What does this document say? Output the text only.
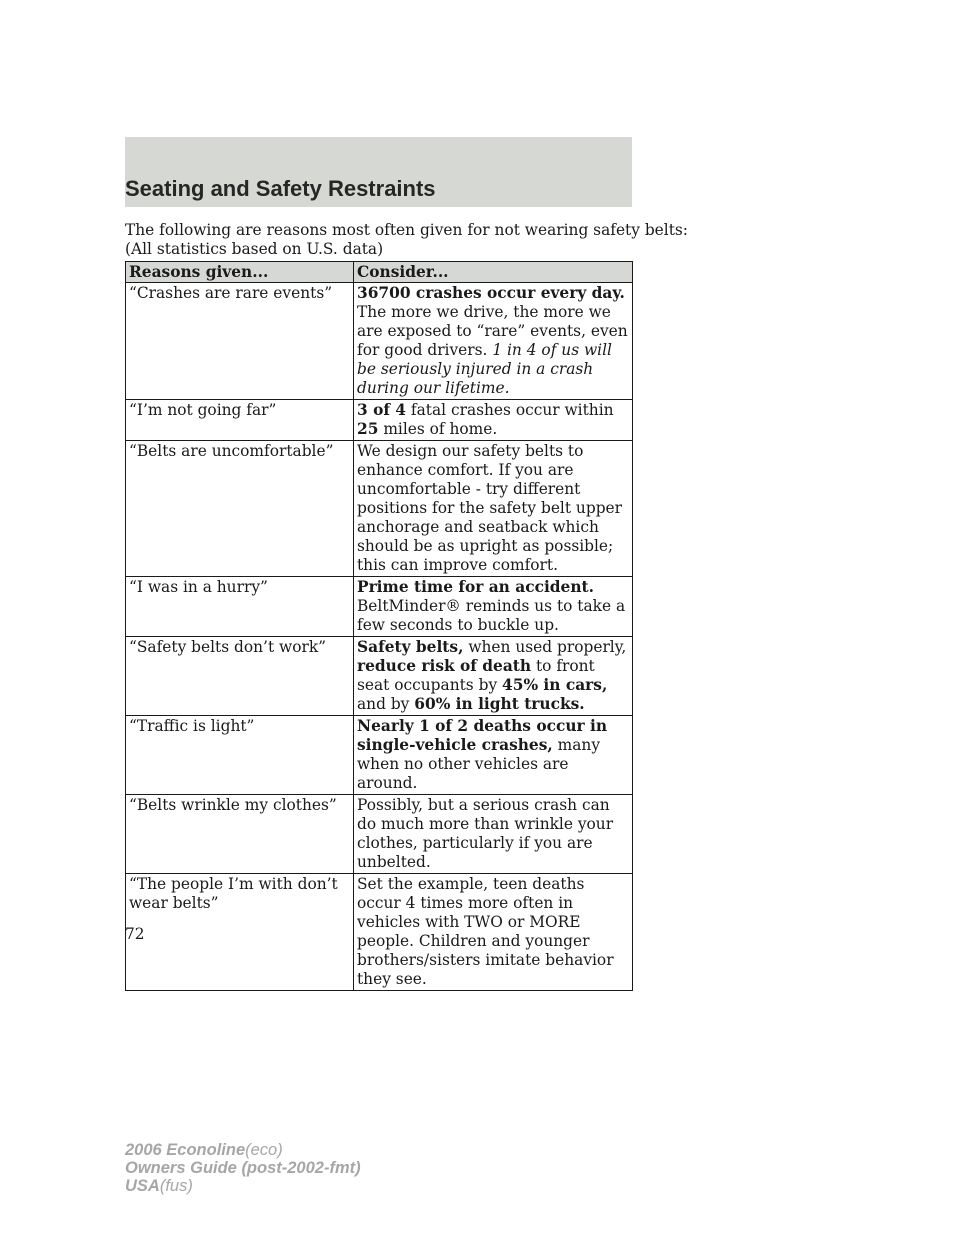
Seating and Safety Restraints
The following are reasons most often given for not wearing safety belts:
(All statistics based on U.S. data)
Reasons given...	Consider...
“Crashes are rare events”	36700 crashes occur every day. The more we drive, the more we are exposed to “rare” events, even for good drivers. 1 in 4 of us will be seriously injured in a crash during our lifetime.
“I’m not going far”	3 of 4 fatal crashes occur within 25 miles of home.
“Belts are uncomfortable”	We design our safety belts to enhance comfort. If you are uncomfortable - try different positions for the safety belt upper anchorage and seatback which should be as upright as possible; this can improve comfort.
“I was in a hurry”	Prime time for an accident. BeltMinder® reminds us to take a few seconds to buckle up.
“Safety belts don’t work”	Safety belts, when used properly, reduce risk of death to front seat occupants by 45% in cars, and by 60% in light trucks.
“Traffic is light”	Nearly 1 of 2 deaths occur in single-vehicle crashes, many when no other vehicles are around.
“Belts wrinkle my clothes”	Possibly, but a serious crash can do much more than wrinkle your clothes, particularly if you are unbelted.
“The people I’m with don’t wear belts”	Set the example, teen deaths occur 4 times more often in vehicles with TWO or MORE people. Children and younger brothers/sisters imitate behavior they see.
72
2006 Econoline(eco)
Owners Guide (post-2002-fmt)
USA(fus)
